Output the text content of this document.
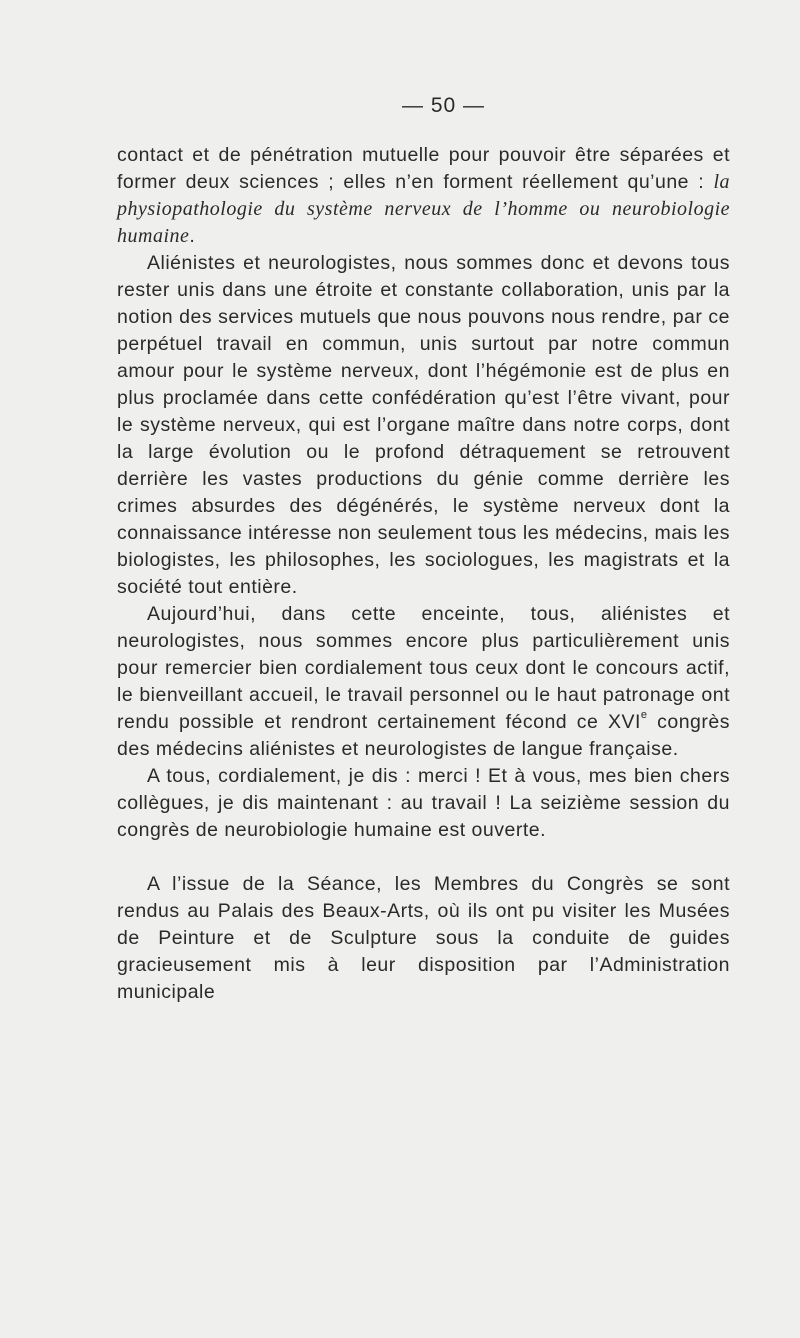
— 50 —

contact et de pénétration mutuelle pour pouvoir être séparées et former deux sciences ; elles n’en forment réellement qu’une : la physiopathologie du système nerveux de l’homme ou neurobiologie humaine.

Aliénistes et neurologistes, nous sommes donc et devons tous rester unis dans une étroite et constante collaboration, unis par la notion des services mutuels que nous pouvons nous rendre, par ce perpétuel travail en commun, unis surtout par notre commun amour pour le système nerveux, dont l’hégémonie est de plus en plus proclamée dans cette confédération qu’est l’être vivant, pour le système nerveux, qui est l’organe maître dans notre corps, dont la large évolution ou le profond détraquement se retrouvent derrière les vastes productions du génie comme derrière les crimes absurdes des dégénérés, le système nerveux dont la connaissance intéresse non seulement tous les médecins, mais les biologistes, les philosophes, les sociologues, les magistrats et la société tout entière.

Aujourd’hui, dans cette enceinte, tous, aliénistes et neurologistes, nous sommes encore plus particulièrement unis pour remercier bien cordialement tous ceux dont le concours actif, le bienveillant accueil, le travail personnel ou le haut patronage ont rendu possible et rendront certainement fécond ce XVIe congrès des médecins aliénistes et neurologistes de langue française.

A tous, cordialement, je dis : merci ! Et à vous, mes bien chers collègues, je dis maintenant : au travail ! La seizième session du congrès de neurobiologie humaine est ouverte.

A l’issue de la Séance, les Membres du Congrès se sont rendus au Palais des Beaux-Arts, où ils ont pu visiter les Musées de Peinture et de Sculpture sous la conduite de guides gracieusement mis à leur disposition par l’Administration municipale
